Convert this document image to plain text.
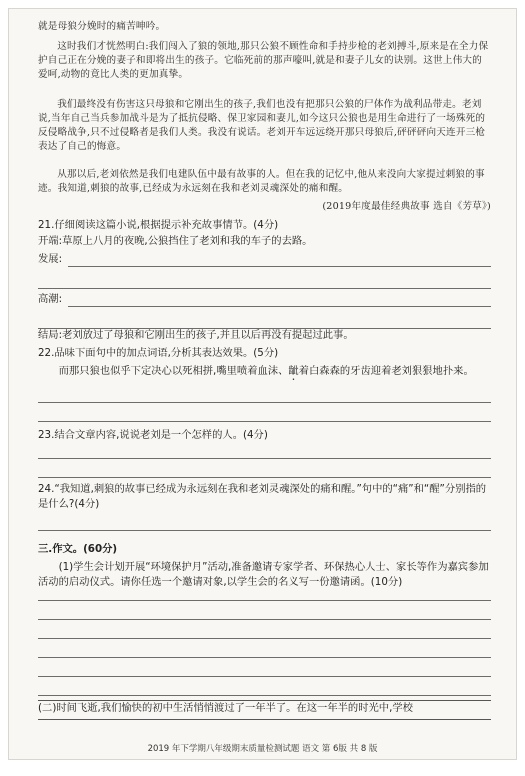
就是母狼分娩时的痛苦呻吟。
这时我们才恍然明白:我们闯入了狼的领地,那只公狼不顾性命和手持步枪的老刘搏斗,原来是在全力保护自己正在分娩的妻子和即将出生的孩子。它临死前的那声嚎叫,就是和妻子儿女的诀别。这世上伟大的爱呵,动物的竟比人类的更加真挚。
我们最终没有伤害这只母狼和它刚出生的孩子,我们也没有把那只公狼的尸体作为战利品带走。老刘说,当年自己当兵参加战斗是为了抵抗侵略、保卫家园和妻儿,如今这只公狼也是用生命进行了一场殊死的反侵略战争,只不过侵略者是我们人类。我没有说话。老刘开车远远绕开那只母狼后,砰砰砰向天连开三枪表达了自己的悔意。
从那以后,老刘依然是我们电建队伍中最有故事的人。但在我的记忆中,他从来没向大家提过刺狼的事迹。我知道,刺狼的故事,已经成为永远刻在我和老刘灵魂深处的痛和醒。
(2019年度最佳经典故事 选自《芳草》)
21.仔细阅读这篇小说,根据提示补充故事情节。(4分)
开端:草原上八月的夜晚,公狼挡住了老刘和我的车子的去路。
发展:
高潮:
结局:老刘放过了母狼和它刚出生的孩子,并且以后再没有提起过此事。
22.品味下面句中的加点词语,分析其表达效果。(5分)
而那只狼也似乎下定决心以死相拼,嘴里喷着血沫、龇着白森森的牙齿迎着老刘狠狠地扑来。
23.结合文章内容,说说老刘是一个怎样的人。(4分)
24.“我知道,刺狼的故事已经成为永远刻在我和老刘灵魂深处的痛和醒。”句中的“痛”和“醒”分别指的是什么?(4分)
三.作文。(60分)
(1)学生会计划开展“环境保护月”活动,准备邀请专家学者、环保热心人士、家长等作为嘉宾参加活动的启动仪式。请你任选一个邀请对象,以学生会的名义写一份邀请函。(10分)
(二)时间飞逝,我们愉快的初中生活悄悄渡过了一年半了。在这一年半的时光中,学校
2019 年下学期八年级期末质量检测试题 语文 第 6版 共 8 版
